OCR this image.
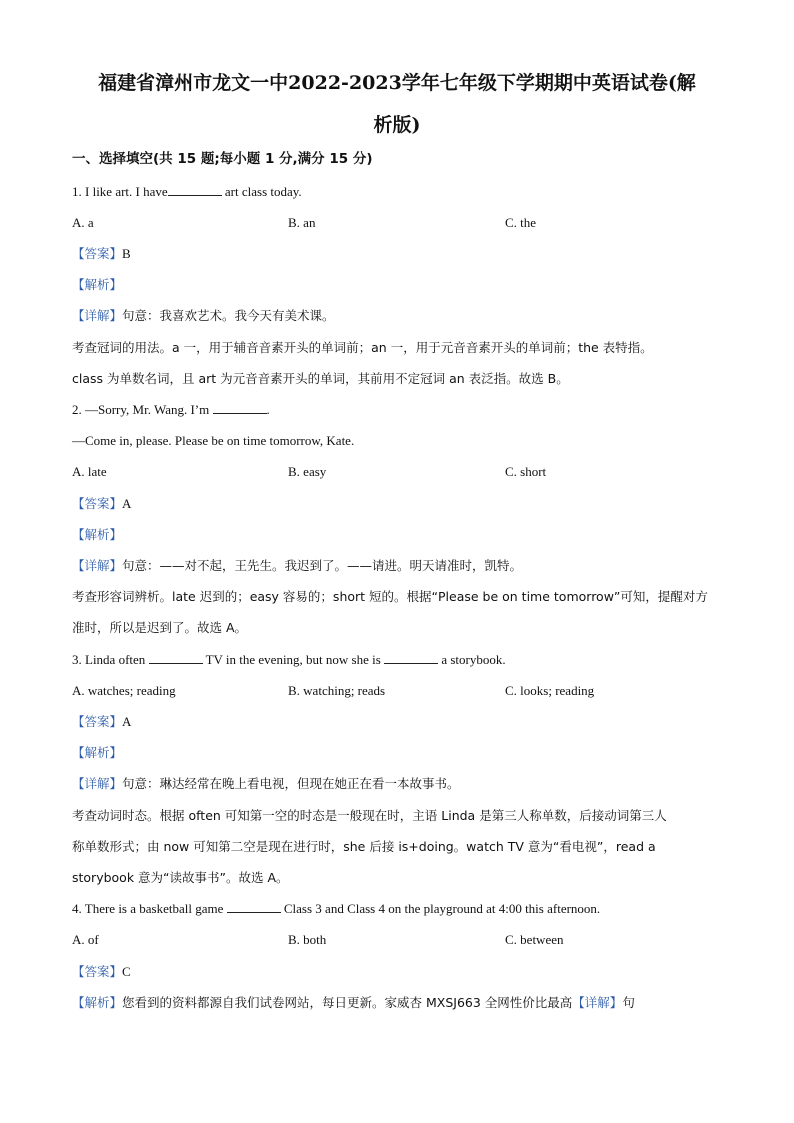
福建省漳州市龙文一中2022-2023学年七年级下学期期中英语试卷(解
析版)
一、选择填空(共 15 题;每小题 1 分,满分 15 分)
1. I like art. I have	art class today.
A. a	B. an	C. the
【答案】B
【解析】
【详解】句意：我喜欢艺术。我今天有美术课。
考查冠词的用法。a 一，用于辅音音素开头的单词前；an 一，用于元音音素开头的单词前；the 表特指。
class 为单数名词，且 art 为元音音素开头的单词，其前用不定冠词 an 表泛指。故选 B。
2. —Sorry, Mr. Wang. I’m	.
—Come in, please. Please be on time tomorrow, Kate.
A. late	B. easy	C. short
【答案】A
【解析】
【详解】句意：——对不起，王先生。我迟到了。——请进。明天请准时，凯特。
考查形容词辨析。late 迟到的；easy 容易的；short 短的。根据“Please be on time tomorrow”可知，提醒对方
准时，所以是迟到了。故选 A。
3. Linda often	TV in the evening, but now she is	a storybook.
A. watches; reading	B. watching; reads	C. looks; reading
【答案】A
【解析】
【详解】句意：琳达经常在晚上看电视，但现在她正在看一本故事书。
考查动词时态。根据 often 可知第一空的时态是一般现在时，主语 Linda 是第三人称单数，后接动词第三人
称单数形式；由 now 可知第二空是现在进行时，she 后接 is+doing。watch TV 意为“看电视”，read a
storybook 意为“读故事书”。故选 A。
4. There is a basketball game	Class 3 and Class 4 on the playground at 4:00 this afternoon.
A. of	B. both	C. between
【答案】C
【解析】您看到的资料都源自我们试卷网站，每日更新。家威杏 MXSJ663 全网性价比最高【详解】句
